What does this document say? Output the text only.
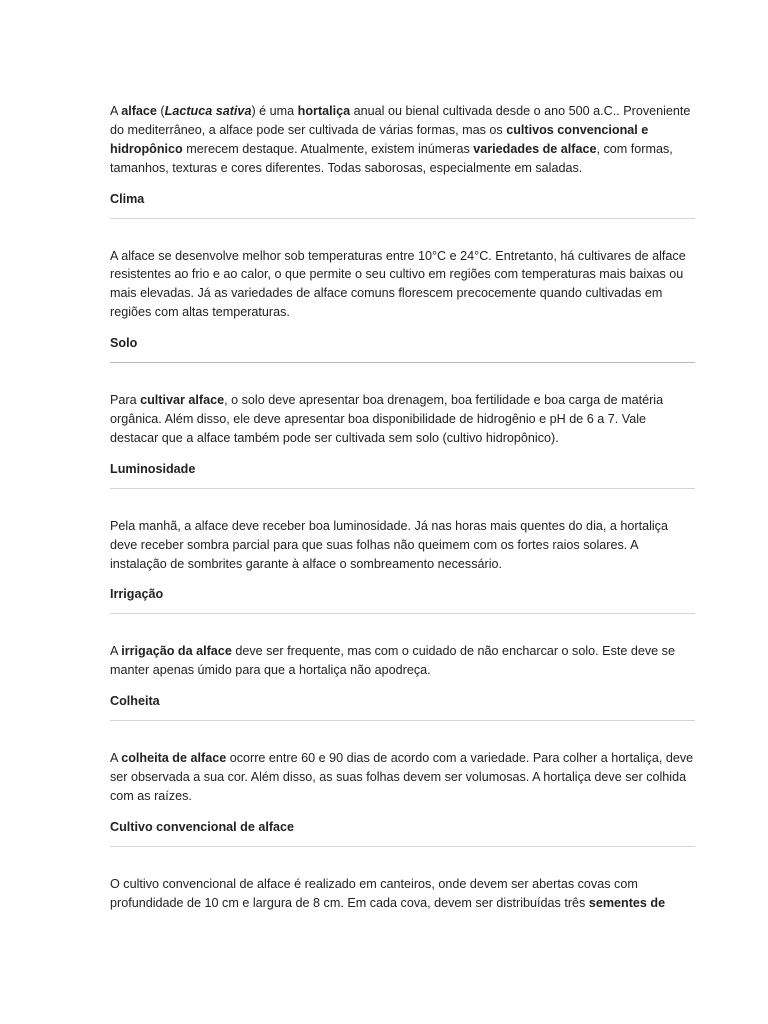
A alface (Lactuca sativa) é uma hortaliça anual ou bienal cultivada desde o ano 500 a.C.. Proveniente do mediterrâneo, a alface pode ser cultivada de várias formas, mas os cultivos convencional e hidropônico merecem destaque. Atualmente, existem inúmeras variedades de alface, com formas, tamanhos, texturas e cores diferentes. Todas saborosas, especialmente em saladas.

Clima

A alface se desenvolve melhor sob temperaturas entre 10°C e 24°C. Entretanto, há cultivares de alface resistentes ao frio e ao calor, o que permite o seu cultivo em regiões com temperaturas mais baixas ou mais elevadas. Já as variedades de alface comuns florescem precocemente quando cultivadas em regiões com altas temperaturas.

Solo

Para cultivar alface, o solo deve apresentar boa drenagem, boa fertilidade e boa carga de matéria orgânica. Além disso, ele deve apresentar boa disponibilidade de hidrogênio e pH de 6 a 7. Vale destacar que a alface também pode ser cultivada sem solo (cultivo hidropônico).

Luminosidade

Pela manhã, a alface deve receber boa luminosidade. Já nas horas mais quentes do dia, a hortaliça deve receber sombra parcial para que suas folhas não queimem com os fortes raios solares. A instalação de sombrites garante à alface o sombreamento necessário.

Irrigação

A irrigação da alface deve ser frequente, mas com o cuidado de não encharcar o solo. Este deve se manter apenas úmido para que a hortaliça não apodreça.

Colheita

A colheita de alface ocorre entre 60 e 90 dias de acordo com a variedade. Para colher a hortaliça, deve ser observada a sua cor. Além disso, as suas folhas devem ser volumosas. A hortaliça deve ser colhida com as raízes.

Cultivo convencional de alface

O cultivo convencional de alface é realizado em canteiros, onde devem ser abertas covas com profundidade de 10 cm e largura de 8 cm. Em cada cova, devem ser distribuídas três sementes de
